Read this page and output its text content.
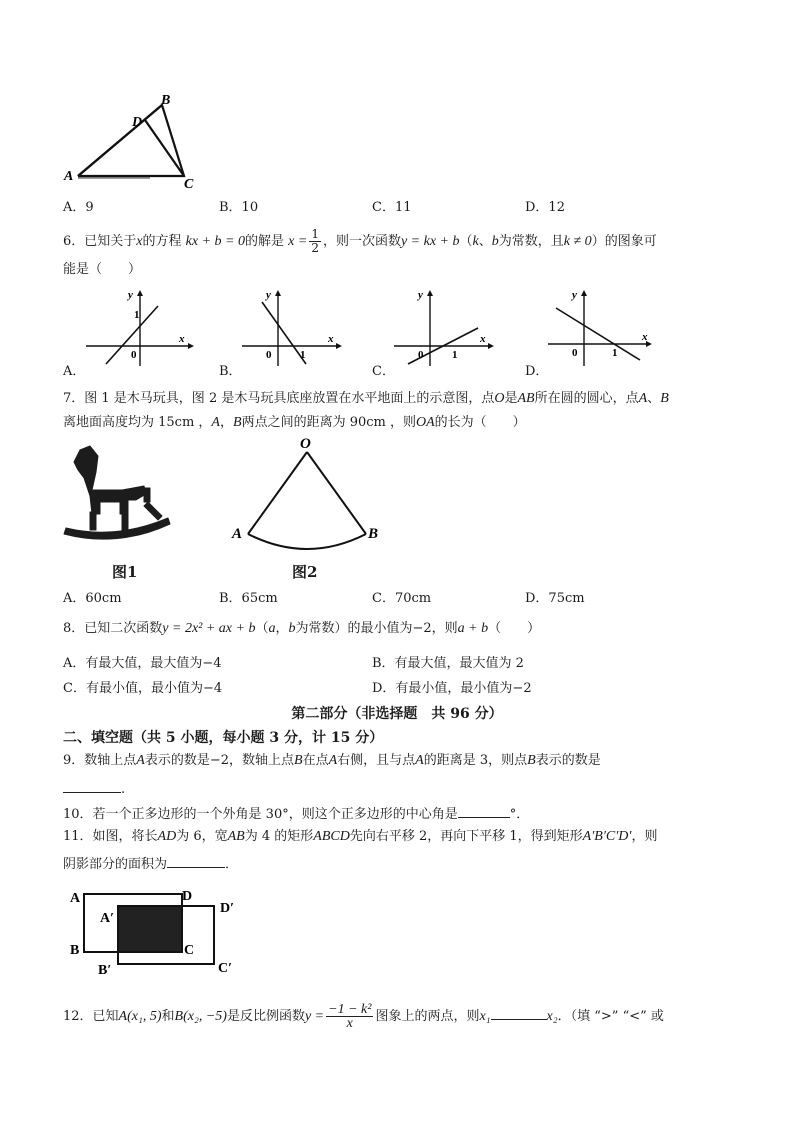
A
B
C
D
A．9	B．10	C．11	D．12
6．已知关于x的方程 kx + b = 0的解是 $x = \frac{1}{2}$ ，则一次函数y = kx + b（k、b为常数，且k ≠ 0）的图象可
能是（　　）
A．
x
y
0
1
B．
x
y
0	1
C．
x
y
0	1
D．
x
y
0	1
7．图 1 是木马玩具，图 2 是木马玩具底座放置在水平地面上的示意图，点O是AB所在圆的圆心，点A、B
离地面高度均为 15cm ，A，B两点之间的距离为 90cm ，则OA的长为（　　）
图1
O
A	B
图2
A．60cm	B．65cm	C．70cm	D．75cm
8．已知二次函数y = 2x² + ax + b（a，b为常数）的最小值为−2，则a + b（　　）
A．有最大值，最大值为−4	B．有最大值，最大值为 2
C．有最小值，最小值为−4	D．有最小值，最小值为−2
第二部分（非选择题　共 96 分）
二、填空题（共 5 小题，每小题 3 分，计 15 分）
9．数轴上点A表示的数是−2，数轴上点B在点A右侧，且与点A的距离是 3，则点B表示的数是
.
10．若一个正多边形的一个外角是 30°，则这个正多边形的中心角是	°．
11．如图，将长AD为 6，宽AB为 4 的矩形ABCD先向右平移 2，再向下平移 1，得到矩形A′B′C′D′，则
阴影部分的面积为	．
A	D
A′
D′
B	C
B′	C′
12．已知A(x₁, 5)和B(x₂, −5)是反比例函数$y = \frac{\text{−1 − k²}}{x}$ 图象上的两点，则x₁	x₂．（填 “>” “<” 或
